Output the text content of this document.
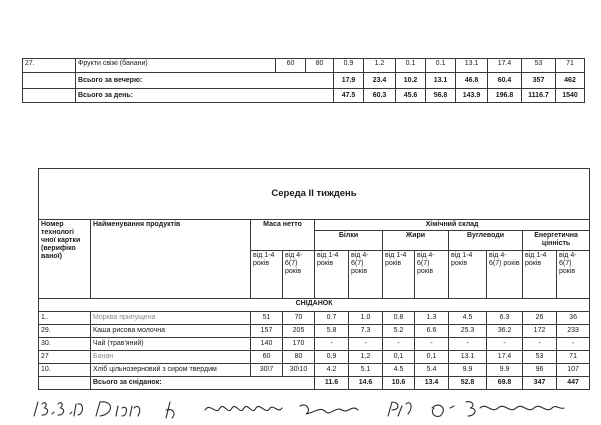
27.	Фрукти свіжі (банани)	60	80	0.9	1.2	0.1	0.1	13.1	17.4	53	71
	Всього за вечерю:			17.9	23.4	10.2	13.1	46.8	60.4	357	462
	Всього за день:			47.5	60.3	45.6	56.8	143.9	196.8	1116.7	1540
Середа ІІ тиждень
Номер технологі чної картки (верифіко ваної)	Найменування продуктів	Маса нетто		Хімічний склад							
				Білки		Жири		Вуглеводи		Енергетична цінність	
		від 1-4 років	від 4-6(7) років	від 1-4 років	від 4-6(7) років	від 1-4 років	від 4-6(7) років	від 1-4 років	від 4- 6(7) років	від 1-4 років	від 4-6(7) років
СНІДАНОК											
1..	Морква припущена	51	70	0.7	1.0	0.8	1.3	4.5	6.3	26	36
29.	Каша рисова молочна	157	205	5.8	7.3	5.2	6.6	25.3	36.2	172	233
30.	Чай (трав'яний)	140	170	-	-	-	-	-	-	-	-
27	Банан	60	80	0,9	1,2	0,1	0,1	13.1	17.4	53	71
10.	Хліб цільнозерновий з сиром твердим	30\7	30\10	4.2	5.1	4.5	5.4	9.9	9.9	96	107
	Всього за сніданок:			11.6	14.6	10.6	13.4	52.8	69.8	347	447
